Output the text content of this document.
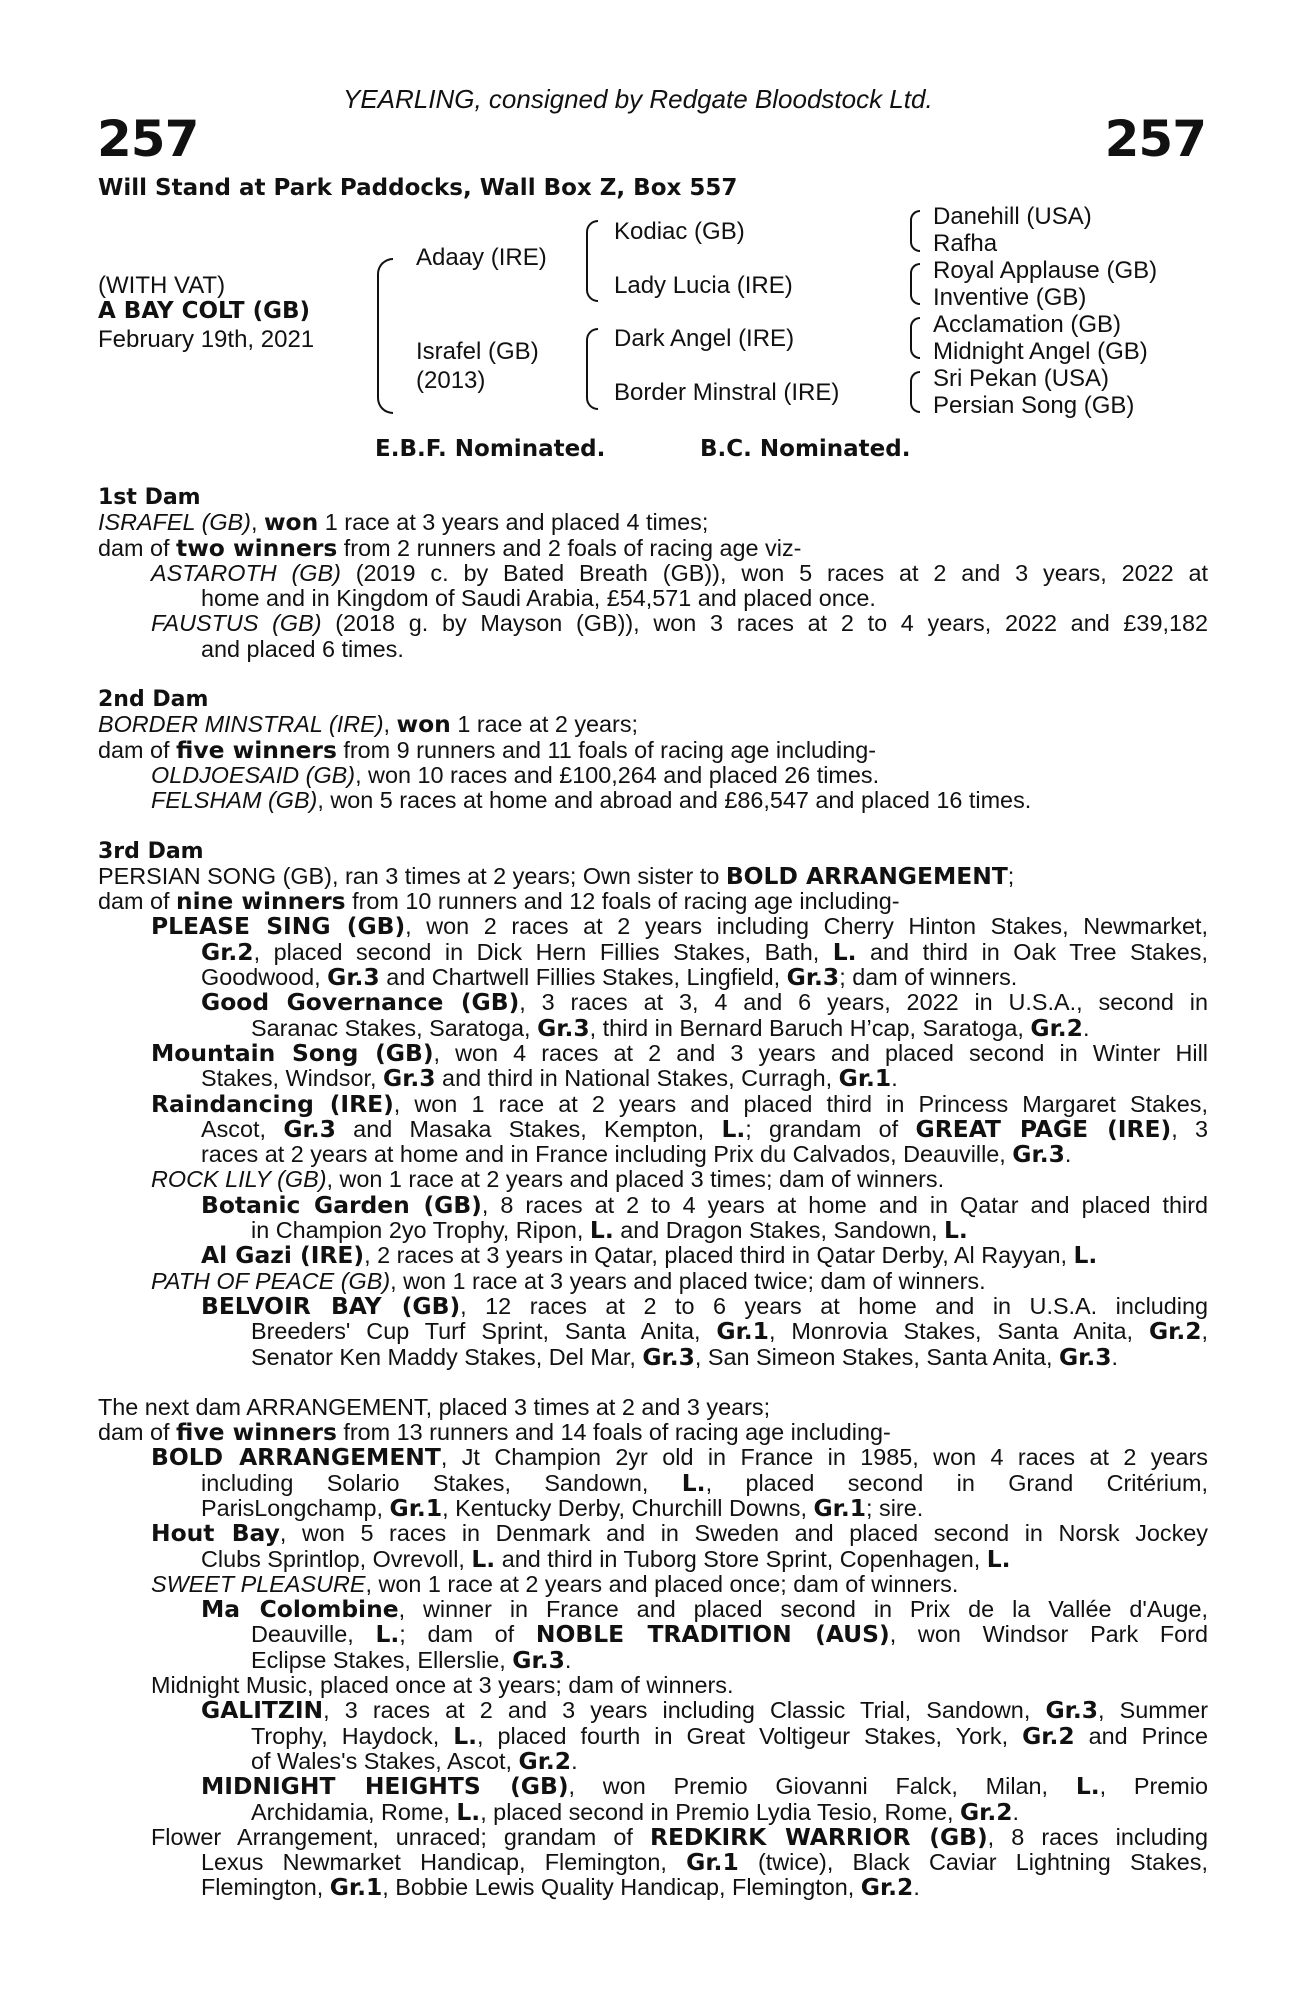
YEARLING, consigned by Redgate Bloodstock Ltd.
257	257
Will Stand at Park Paddocks, Wall Box Z, Box 557
(WITH VAT)
A BAY COLT (GB)
February 19th, 2021
Adaay (IRE)
Israfel (GB)
(2013)
Kodiac (GB)
Lady Lucia (IRE)
Dark Angel (IRE)
Border Minstral (IRE)
Danehill (USA)
Rafha
Royal Applause (GB)
Inventive (GB)
Acclamation (GB)
Midnight Angel (GB)
Sri Pekan (USA)
Persian Song (GB)
E.B.F. Nominated.	B.C. Nominated.
1st Dam
ISRAFEL (GB), won 1 race at 3 years and placed 4 times;
dam of two winners from 2 runners and 2 foals of racing age viz-
ASTAROTH (GB) (2019 c. by Bated Breath (GB)), won 5 races at 2 and 3 years, 2022 at
home and in Kingdom of Saudi Arabia, £54,571 and placed once.
FAUSTUS (GB) (2018 g. by Mayson (GB)), won 3 races at 2 to 4 years, 2022 and £39,182
and placed 6 times.
2nd Dam
BORDER MINSTRAL (IRE), won 1 race at 2 years;
dam of five winners from 9 runners and 11 foals of racing age including-
OLDJOESAID (GB), won 10 races and £100,264 and placed 26 times.
FELSHAM (GB), won 5 races at home and abroad and £86,547 and placed 16 times.
3rd Dam
PERSIAN SONG (GB), ran 3 times at 2 years; Own sister to BOLD ARRANGEMENT;
dam of nine winners from 10 runners and 12 foals of racing age including-
PLEASE SING (GB), won 2 races at 2 years including Cherry Hinton Stakes, Newmarket,
Gr.2, placed second in Dick Hern Fillies Stakes, Bath, L. and third in Oak Tree Stakes,
Goodwood, Gr.3 and Chartwell Fillies Stakes, Lingfield, Gr.3; dam of winners.
Good Governance (GB), 3 races at 3, 4 and 6 years, 2022 in U.S.A., second in
Saranac Stakes, Saratoga, Gr.3, third in Bernard Baruch H’cap, Saratoga, Gr.2.
Mountain Song (GB), won 4 races at 2 and 3 years and placed second in Winter Hill
Stakes, Windsor, Gr.3 and third in National Stakes, Curragh, Gr.1.
Raindancing (IRE), won 1 race at 2 years and placed third in Princess Margaret Stakes,
Ascot, Gr.3 and Masaka Stakes, Kempton, L.; grandam of GREAT PAGE (IRE), 3
races at 2 years at home and in France including Prix du Calvados, Deauville, Gr.3.
ROCK LILY (GB), won 1 race at 2 years and placed 3 times; dam of winners.
Botanic Garden (GB), 8 races at 2 to 4 years at home and in Qatar and placed third
in Champion 2yo Trophy, Ripon, L. and Dragon Stakes, Sandown, L.
Al Gazi (IRE), 2 races at 3 years in Qatar, placed third in Qatar Derby, Al Rayyan, L.
PATH OF PEACE (GB), won 1 race at 3 years and placed twice; dam of winners.
BELVOIR BAY (GB), 12 races at 2 to 6 years at home and in U.S.A. including
Breeders' Cup Turf Sprint, Santa Anita, Gr.1, Monrovia Stakes, Santa Anita, Gr.2,
Senator Ken Maddy Stakes, Del Mar, Gr.3, San Simeon Stakes, Santa Anita, Gr.3.
The next dam ARRANGEMENT, placed 3 times at 2 and 3 years;
dam of five winners from 13 runners and 14 foals of racing age including-
BOLD ARRANGEMENT, Jt Champion 2yr old in France in 1985, won 4 races at 2 years
including Solario Stakes, Sandown, L., placed second in Grand Critérium,
ParisLongchamp, Gr.1, Kentucky Derby, Churchill Downs, Gr.1; sire.
Hout Bay, won 5 races in Denmark and in Sweden and placed second in Norsk Jockey
Clubs Sprintlop, Ovrevoll, L. and third in Tuborg Store Sprint, Copenhagen, L.
SWEET PLEASURE, won 1 race at 2 years and placed once; dam of winners.
Ma Colombine, winner in France and placed second in Prix de la Vallée d'Auge,
Deauville, L.; dam of NOBLE TRADITION (AUS), won Windsor Park Ford
Eclipse Stakes, Ellerslie, Gr.3.
Midnight Music, placed once at 3 years; dam of winners.
GALITZIN, 3 races at 2 and 3 years including Classic Trial, Sandown, Gr.3, Summer
Trophy, Haydock, L., placed fourth in Great Voltigeur Stakes, York, Gr.2 and Prince
of Wales's Stakes, Ascot, Gr.2.
MIDNIGHT HEIGHTS (GB), won Premio Giovanni Falck, Milan, L., Premio
Archidamia, Rome, L., placed second in Premio Lydia Tesio, Rome, Gr.2.
Flower Arrangement, unraced; grandam of REDKIRK WARRIOR (GB), 8 races including
Lexus Newmarket Handicap, Flemington, Gr.1 (twice), Black Caviar Lightning Stakes,
Flemington, Gr.1, Bobbie Lewis Quality Handicap, Flemington, Gr.2.
